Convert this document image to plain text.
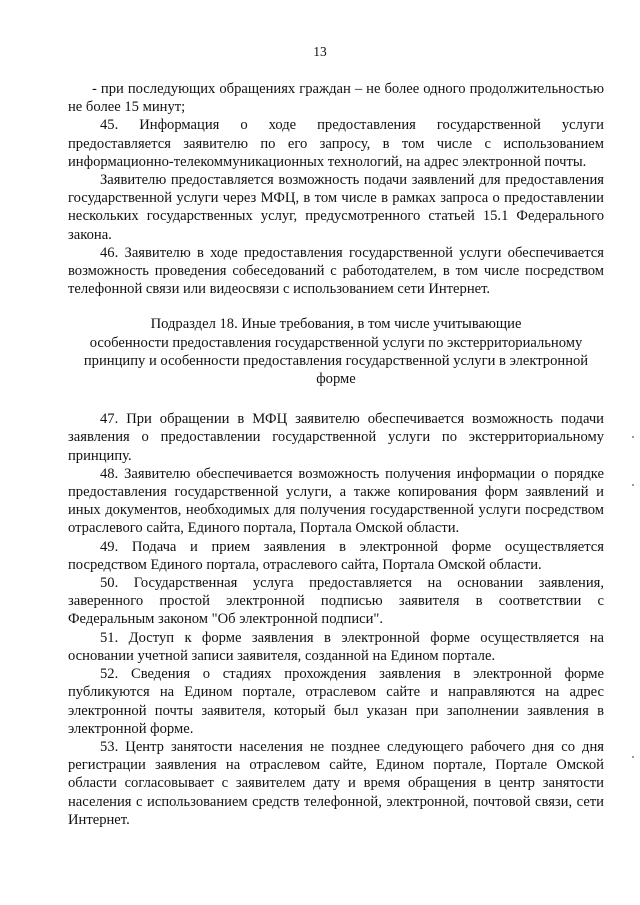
13

- при последующих обращениях граждан – не более одного продолжительностью не более 15 минут;

45. Информация о ходе предоставления государственной услуги предоставляется заявителю по его запросу, в том числе с использованием информационно-телекоммуникационных технологий, на адрес электронной почты.

Заявителю предоставляется возможность подачи заявлений для предоставления государственной услуги через МФЦ, в том числе в рамках запроса о предоставлении нескольких государственных услуг, предусмотренного статьей 15.1 Федерального закона.

46. Заявителю в ходе предоставления государственной услуги обеспечивается возможность проведения собеседований с работодателем, в том числе посредством телефонной связи или видеосвязи с использованием сети Интернет.

Подраздел 18. Иные требования, в том числе учитывающие
особенности предоставления государственной услуги по экстерриториальному
принципу и особенности предоставления государственной услуги в электронной
форме

47. При обращении в МФЦ заявителю обеспечивается возможность подачи заявления о предоставлении государственной услуги по экстерриториальному принципу.

48. Заявителю обеспечивается возможность получения информации о порядке предоставления государственной услуги, а также копирования форм заявлений и иных документов, необходимых для получения государственной услуги посредством отраслевого сайта, Единого портала, Портала Омской области.

49. Подача и прием заявления в электронной форме осуществляется посредством Единого портала, отраслевого сайта, Портала Омской области.

50. Государственная услуга предоставляется на основании заявления, заверенного простой электронной подписью заявителя в соответствии с Федеральным законом "Об электронной подписи".

51. Доступ к форме заявления в электронной форме осуществляется на основании учетной записи заявителя, созданной на Едином портале.

52. Сведения о стадиях прохождения заявления в электронной форме публикуются на Едином портале, отраслевом сайте и направляются на адрес электронной почты заявителя, который был указан при заполнении заявления в электронной форме.

53. Центр занятости населения не позднее следующего рабочего дня со дня регистрации заявления на отраслевом сайте, Едином портале, Портале Омской области согласовывает с заявителем дату и время обращения в центр занятости населения с использованием средств телефонной, электронной, почтовой связи, сети Интернет.
